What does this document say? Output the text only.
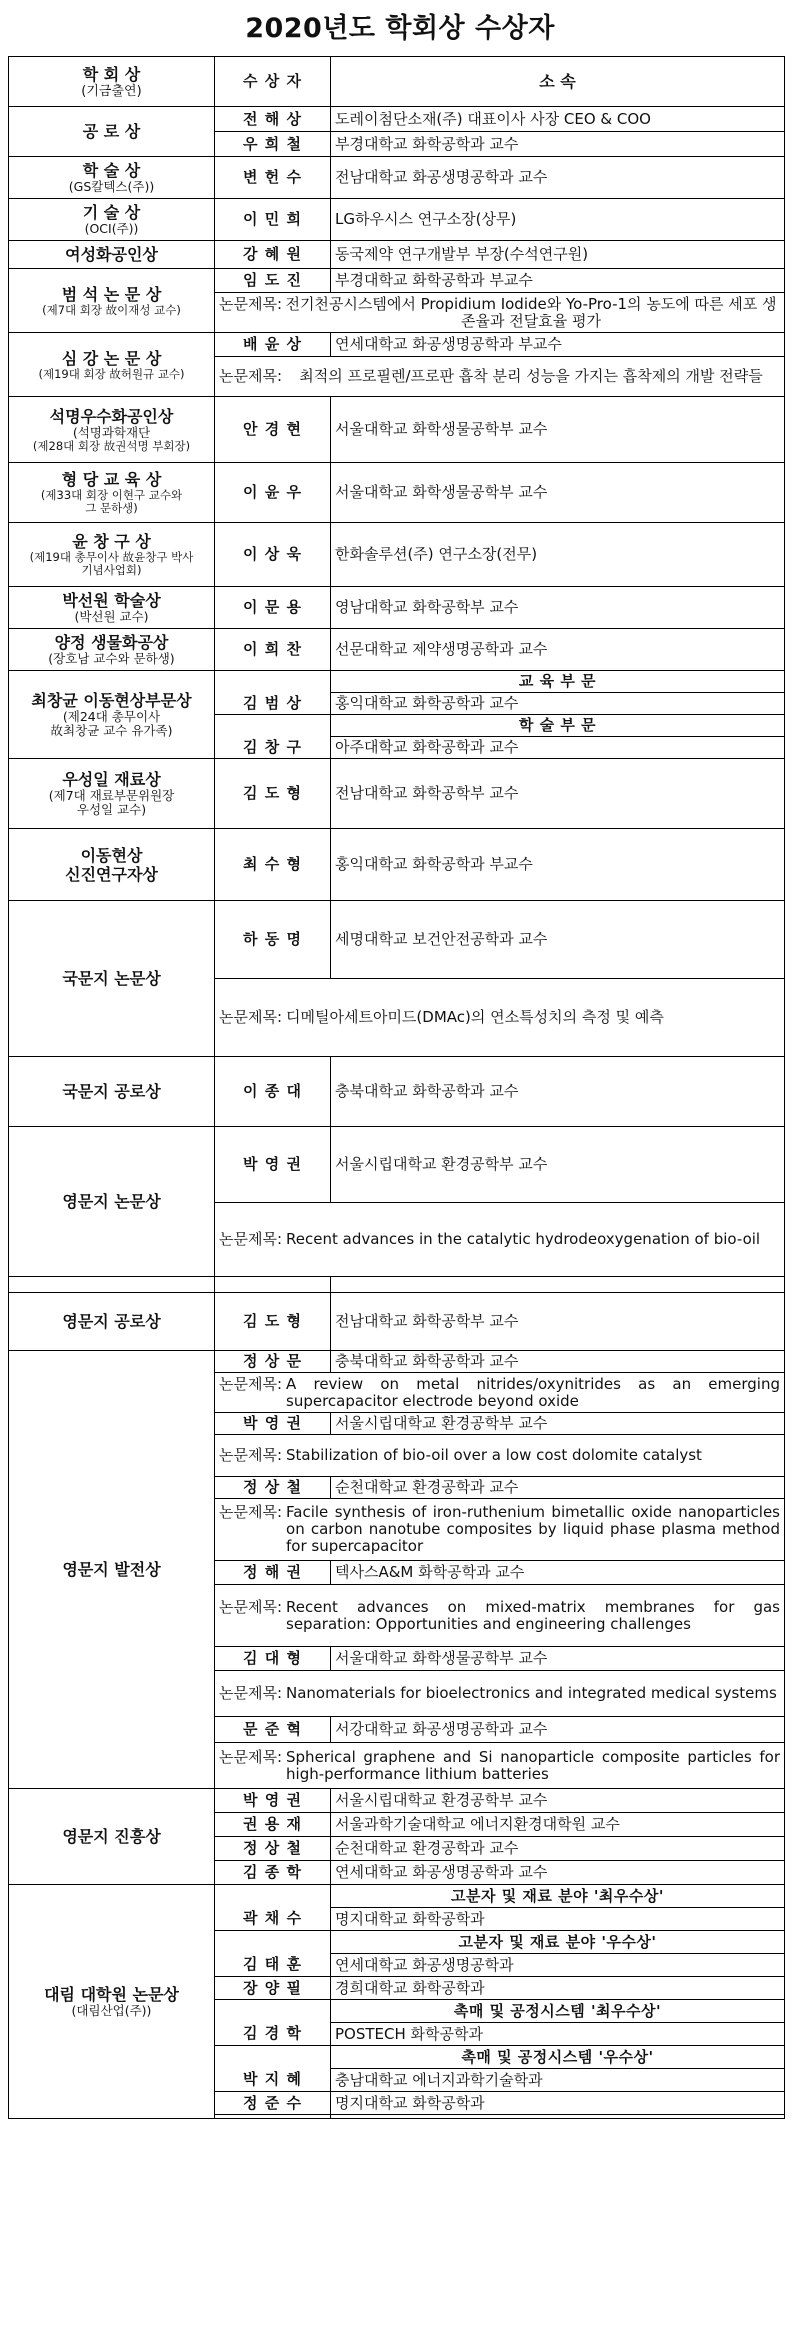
2020년도 학회상 수상자
학 회 상
(기금출연)	수 상 자	소 속

공 로 상	전 해 상	도레이첨단소재(주) 대표이사 사장 CEO & COO
	우 희 철	부경대학교 화학공학과 교수

학 술 상
(GS칼텍스(주))	변 헌 수	전남대학교 화공생명공학과 교수

기 술 상
(OCI(주))	이 민 희	LG하우시스 연구소장(상무)

여성화공인상	강 혜 원	동국제약 연구개발부 부장(수석연구원)

범 석 논 문 상
(제7대 회장 故이재성 교수)	임 도 진	부경대학교 화학공학과 부교수

	논문제목: 전기천공시스템에서 Propidium Iodide와 Yo-Pro-1의 농도에 따른 세포 생존율과 전달효율 평가	

심 강 논 문 상
(제19대 회장 故허원규 교수)	배 윤 상	연세대학교 화공생명공학과 부교수

	논문제목: 최적의 프로필렌/프로판 흡착 분리 성능을 가지는 흡착제의 개발 전략들	

석명우수화공인상
(석명과학재단
(제28대 회장 故권석명 부회장)	안 경 현	서울대학교 화학생물공학부 교수

형 당 교 육 상
(제33대 회장 이현구 교수와
그 문하생)	이 윤 우	서울대학교 화학생물공학부 교수

윤 창 구 상
(제19대 총무이사 故윤창구 박사
기념사업회)	이 상 욱	한화솔루션(주) 연구소장(전무)

박선원 학술상
(박선원 교수)	이 문 용	영남대학교 화학공학부 교수

양정 생물화공상
(장호남 교수와 문하생)	이 희 찬	선문대학교 제약생명공학과 교수

최창균 이동현상부문상
(제24대 총무이사
故최창균 교수 유가족)		교 육 부 문
	김 범 상	홍익대학교 화학공학과 교수
		학 술 부 문
	김 창 구	아주대학교 화학공학과 교수

우성일 재료상
(제7대 재료부문위원장
우성일 교수)	김 도 형	전남대학교 화학공학부 교수

이동현상
신진연구자상	최 수 형	홍익대학교 화학공학과 부교수

국문지 논문상	하 동 명	세명대학교 보건안전공학과 교수

	논문제목: 디메틸아세트아미드(DMAc)의 연소특성치의 측정 및 예측	

국문지 공로상	이 종 대	충북대학교 화학공학과 교수

영문지 논문상	박 영 권	서울시립대학교 환경공학부 교수

	논문제목: Recent advances in the catalytic hydrodeoxygenation of bio-oil	

영문지 공로상	김 도 형	전남대학교 화학공학부 교수

영문지 발전상	정 상 문	충북대학교 화학공학과 교수

	논문제목: A review on metal nitrides/oxynitrides as an emerging supercapacitor electrode beyond oxide	

	박 영 권	서울시립대학교 환경공학부 교수

	논문제목: Stabilization of bio-oil over a low cost dolomite catalyst	

	정 상 철	순천대학교 환경공학과 교수

	논문제목: Facile synthesis of iron-ruthenium bimetallic oxide nanoparticles on carbon nanotube composites by liquid phase plasma method for supercapacitor	

	정 해 권	텍사스A&M 화학공학과 교수

	논문제목: Recent advances on mixed-matrix membranes for gas separation: Opportunities and engineering challenges	

	김 대 형	서울대학교 화학생물공학부 교수

	논문제목: Nanomaterials for bioelectronics and integrated medical systems	

	문 준 혁	서강대학교 화공생명공학과 교수

	논문제목: Spherical graphene and Si nanoparticle composite particles for high-performance lithium batteries	

영문지 진흥상	박 영 권	서울시립대학교 환경공학부 교수
	권 용 재	서울과학기술대학교 에너지환경대학원 교수
	정 상 철	순천대학교 환경공학과 교수
	김 종 학	연세대학교 화공생명공학과 교수

대림 대학원 논문상
(대림산업(주))		고분자 및 재료 분야 '최우수상'
	곽 채 수	명지대학교 화학공학과
		고분자 및 재료 분야 '우수상'
	김 태 훈	연세대학교 화공생명공학과
	장 양 필	경희대학교 화학공학과
		촉매 및 공정시스템 '최우수상'
	김 경 학	POSTECH 화학공학과
		촉매 및 공정시스템 '우수상'
	박 지 혜	충남대학교 에너지과학기술학과
	정 준 수	명지대학교 화학공학과
